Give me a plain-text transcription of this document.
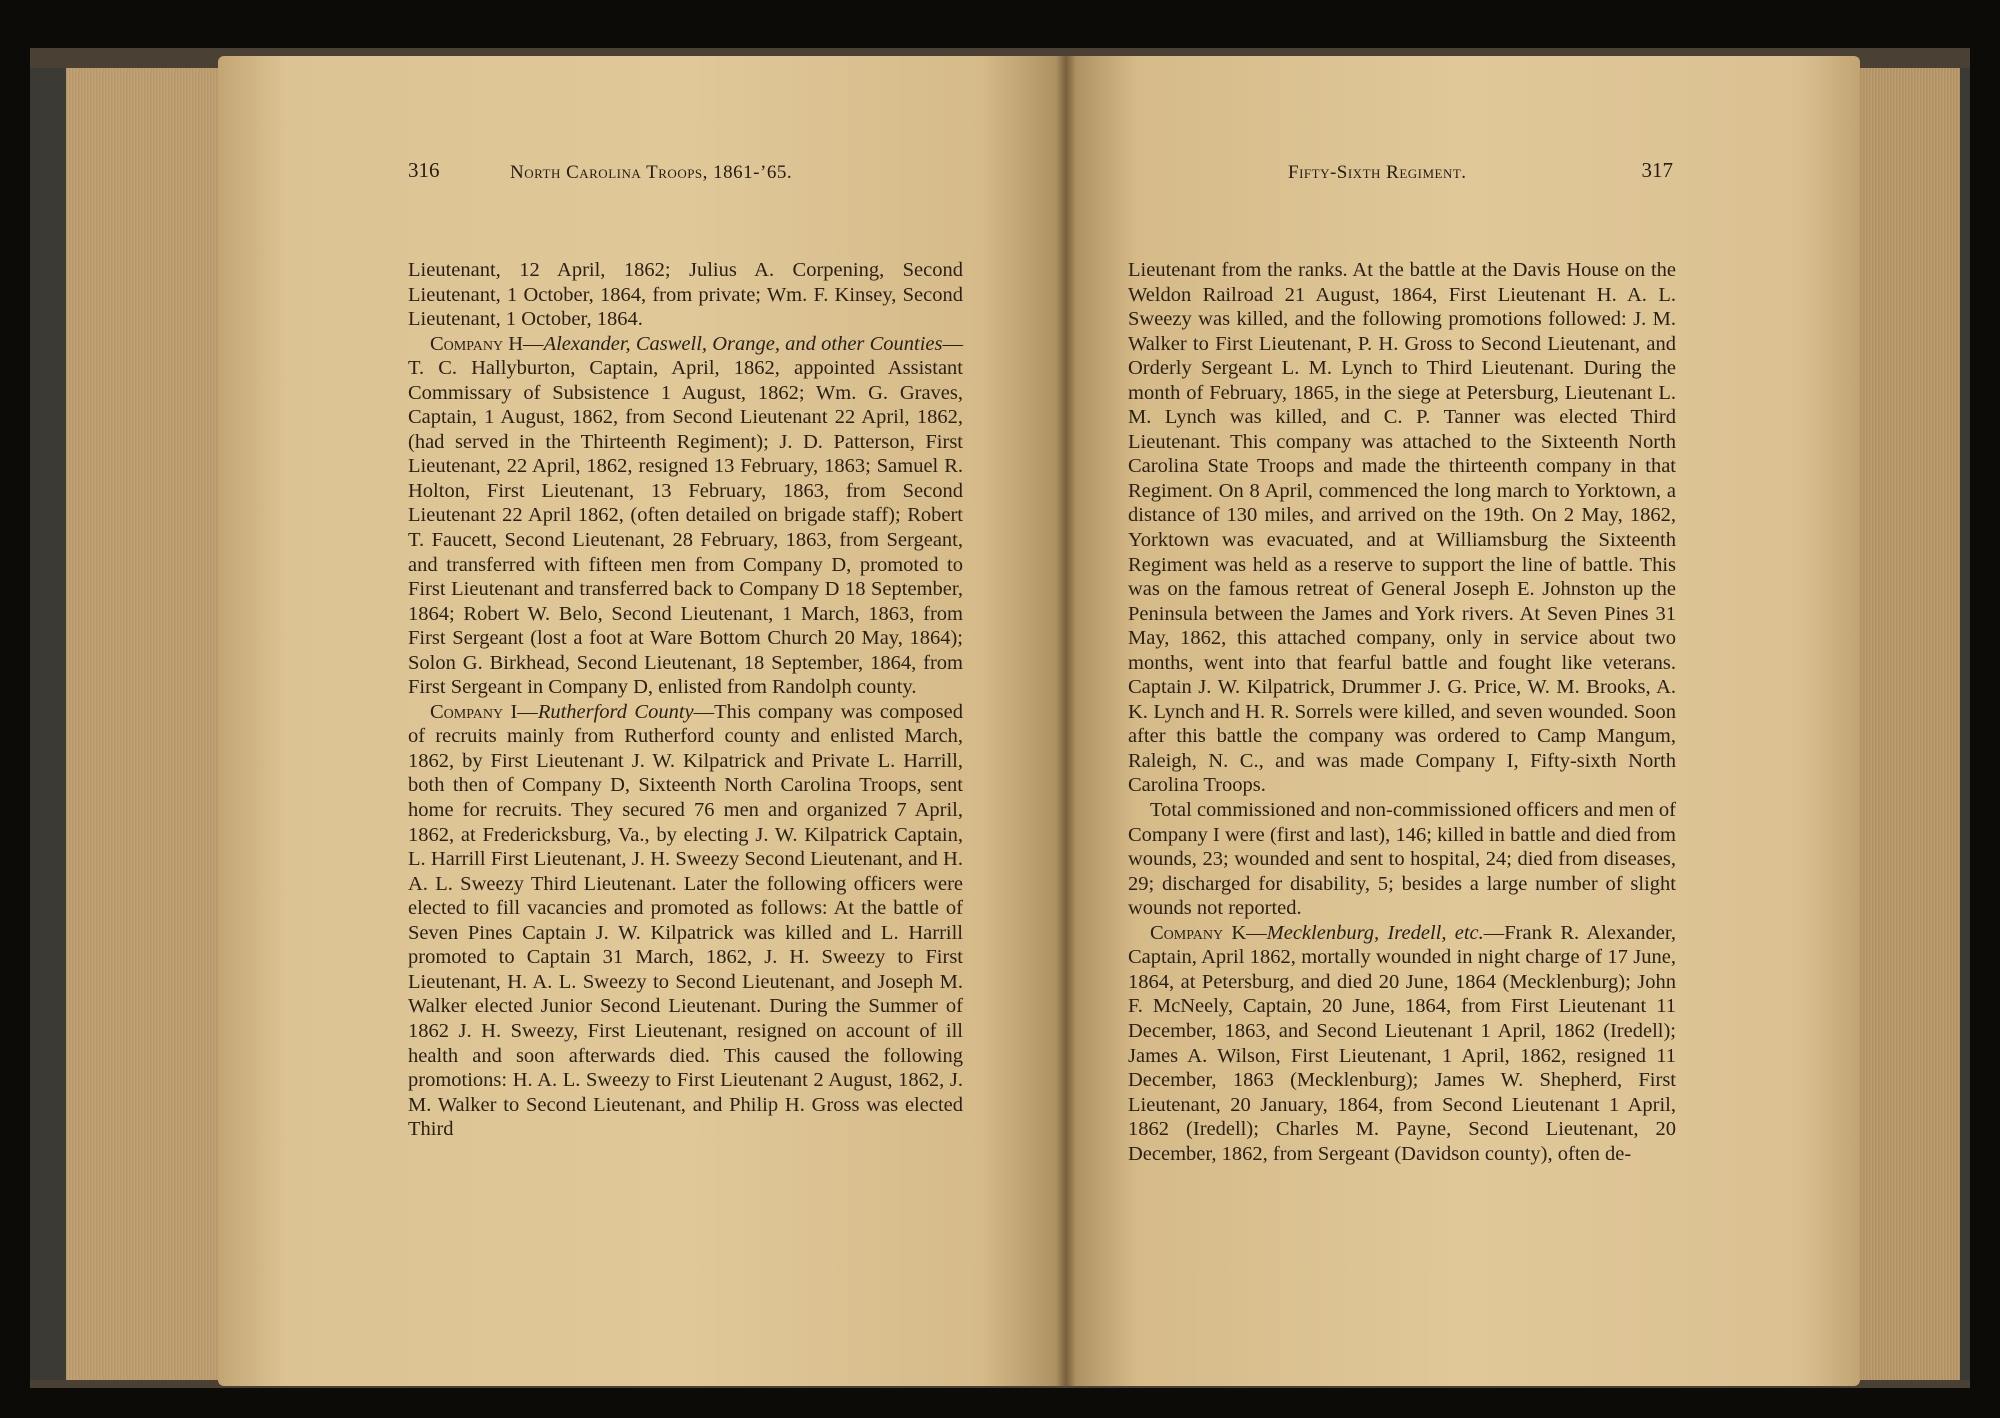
316	North Carolina Troops, 1861-’65.

Lieutenant, 12 April, 1862; Julius A. Corpening, Second Lieutenant, 1 October, 1864, from private; Wm. F. Kinsey, Second Lieutenant, 1 October, 1864.

Company H—Alexander, Caswell, Orange, and other Counties—T. C. Hallyburton, Captain, April, 1862, appointed Assistant Commissary of Subsistence 1 August, 1862; Wm. G. Graves, Captain, 1 August, 1862, from Second Lieutenant 22 April, 1862, (had served in the Thirteenth Regiment); J. D. Patterson, First Lieutenant, 22 April, 1862, resigned 13 February, 1863; Samuel R. Holton, First Lieutenant, 13 February, 1863, from Second Lieutenant 22 April 1862, (often detailed on brigade staff); Robert T. Faucett, Second Lieutenant, 28 February, 1863, from Sergeant, and transferred with fifteen men from Company D, promoted to First Lieutenant and transferred back to Company D 18 September, 1864; Robert W. Belo, Second Lieutenant, 1 March, 1863, from First Sergeant (lost a foot at Ware Bottom Church 20 May, 1864); Solon G. Birkhead, Second Lieutenant, 18 September, 1864, from First Sergeant in Company D, enlisted from Randolph county.

Company I—Rutherford County—This company was composed of recruits mainly from Rutherford county and enlisted March, 1862, by First Lieutenant J. W. Kilpatrick and Private L. Harrill, both then of Company D, Sixteenth North Carolina Troops, sent home for recruits. They secured 76 men and organized 7 April, 1862, at Fredericksburg, Va., by electing J. W. Kilpatrick Captain, L. Harrill First Lieutenant, J. H. Sweezy Second Lieutenant, and H. A. L. Sweezy Third Lieutenant. Later the following officers were elected to fill vacancies and promoted as follows: At the battle of Seven Pines Captain J. W. Kilpatrick was killed and L. Harrill promoted to Captain 31 March, 1862, J. H. Sweezy to First Lieutenant, H. A. L. Sweezy to Second Lieutenant, and Joseph M. Walker elected Junior Second Lieutenant. During the Summer of 1862 J. H. Sweezy, First Lieutenant, resigned on account of ill health and soon afterwards died. This caused the following promotions: H. A. L. Sweezy to First Lieutenant 2 August, 1862, J. M. Walker to Second Lieutenant, and Philip H. Gross was elected Third

Fifty-Sixth Regiment.	317

Lieutenant from the ranks. At the battle at the Davis House on the Weldon Railroad 21 August, 1864, First Lieutenant H. A. L. Sweezy was killed, and the following promotions followed: J. M. Walker to First Lieutenant, P. H. Gross to Second Lieutenant, and Orderly Sergeant L. M. Lynch to Third Lieutenant. During the month of February, 1865, in the siege at Petersburg, Lieutenant L. M. Lynch was killed, and C. P. Tanner was elected Third Lieutenant. This company was attached to the Sixteenth North Carolina State Troops and made the thirteenth company in that Regiment. On 8 April, commenced the long march to Yorktown, a distance of 130 miles, and arrived on the 19th. On 2 May, 1862, Yorktown was evacuated, and at Williamsburg the Sixteenth Regiment was held as a reserve to support the line of battle. This was on the famous retreat of General Joseph E. Johnston up the Peninsula between the James and York rivers. At Seven Pines 31 May, 1862, this attached company, only in service about two months, went into that fearful battle and fought like veterans. Captain J. W. Kilpatrick, Drummer J. G. Price, W. M. Brooks, A. K. Lynch and H. R. Sorrels were killed, and seven wounded. Soon after this battle the company was ordered to Camp Mangum, Raleigh, N. C., and was made Company I, Fifty-sixth North Carolina Troops.

Total commissioned and non-commissioned officers and men of Company I were (first and last), 146; killed in battle and died from wounds, 23; wounded and sent to hospital, 24; died from diseases, 29; discharged for disability, 5; besides a large number of slight wounds not reported.

Company K—Mecklenburg, Iredell, etc.—Frank R. Alexander, Captain, April 1862, mortally wounded in night charge of 17 June, 1864, at Petersburg, and died 20 June, 1864 (Mecklenburg); John F. McNeely, Captain, 20 June, 1864, from First Lieutenant 11 December, 1863, and Second Lieutenant 1 April, 1862 (Iredell); James A. Wilson, First Lieutenant, 1 April, 1862, resigned 11 December, 1863 (Mecklenburg); James W. Shepherd, First Lieutenant, 20 January, 1864, from Second Lieutenant 1 April, 1862 (Iredell); Charles M. Payne, Second Lieutenant, 20 December, 1862, from Sergeant (Davidson county), often de-
